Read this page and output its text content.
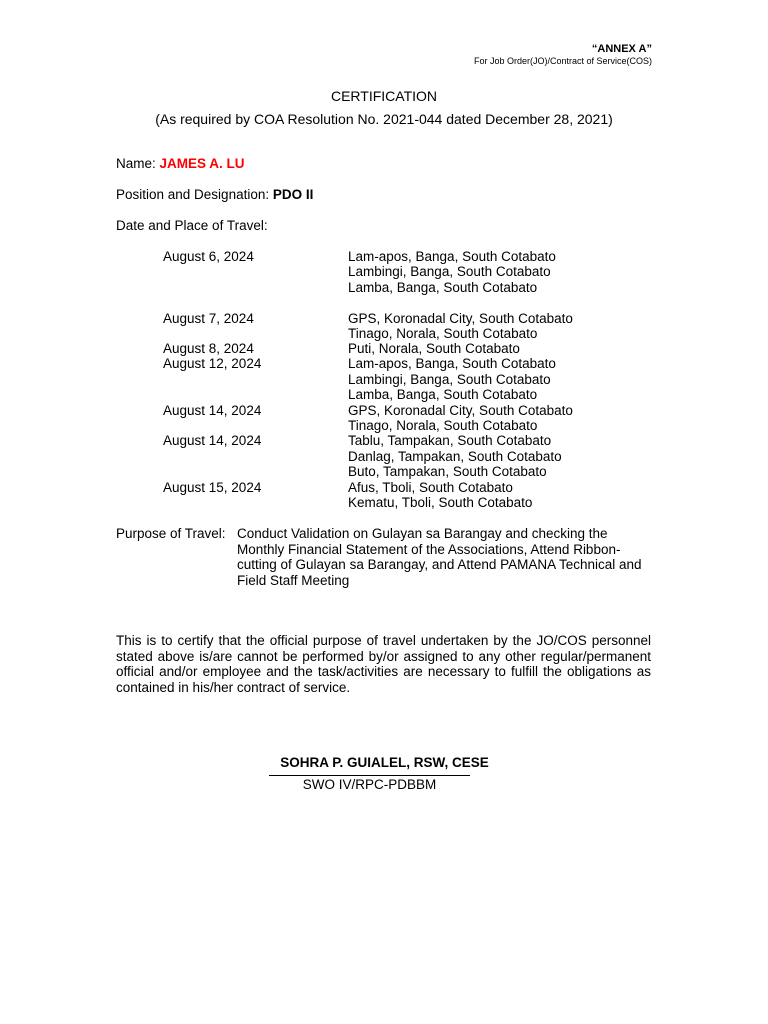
“ANNEX A”
For Job Order(JO)/Contract of Service(COS)
CERTIFICATION
(As required by COA Resolution No. 2021-044 dated December 28, 2021)
Name: JAMES A. LU
Position and Designation: PDO II
Date and Place of Travel:
August 6, 2024	Lam-apos, Banga, South Cotabato
Lambingi, Banga, South Cotabato
Lamba, Banga, South Cotabato
August 7, 2024	GPS, Koronadal City, South Cotabato
Tinago, Norala, South Cotabato
August 8, 2024	Puti, Norala, South Cotabato
August 12, 2024	Lam-apos, Banga, South Cotabato
Lambingi, Banga, South Cotabato
Lamba, Banga, South Cotabato
August 14, 2024	GPS, Koronadal City, South Cotabato
Tinago, Norala, South Cotabato
August 14, 2024	Tablu, Tampakan, South Cotabato
Danlag, Tampakan, South Cotabato
Buto, Tampakan, South Cotabato
August 15, 2024	Afus, Tboli, South Cotabato
Kematu, Tboli, South Cotabato
Purpose of Travel: Conduct Validation on Gulayan sa Barangay and checking the Monthly Financial Statement of the Associations, Attend Ribbon-cutting of Gulayan sa Barangay, and Attend PAMANA Technical and Field Staff Meeting
This is to certify that the official purpose of travel undertaken by the JO/COS personnel stated above is/are cannot be performed by/or assigned to any other regular/permanent official and/or employee and the task/activities are necessary to fulfill the obligations as contained in his/her contract of service.
SOHRA P. GUIALEL, RSW, CESE
SWO IV/RPC-PDBBM
